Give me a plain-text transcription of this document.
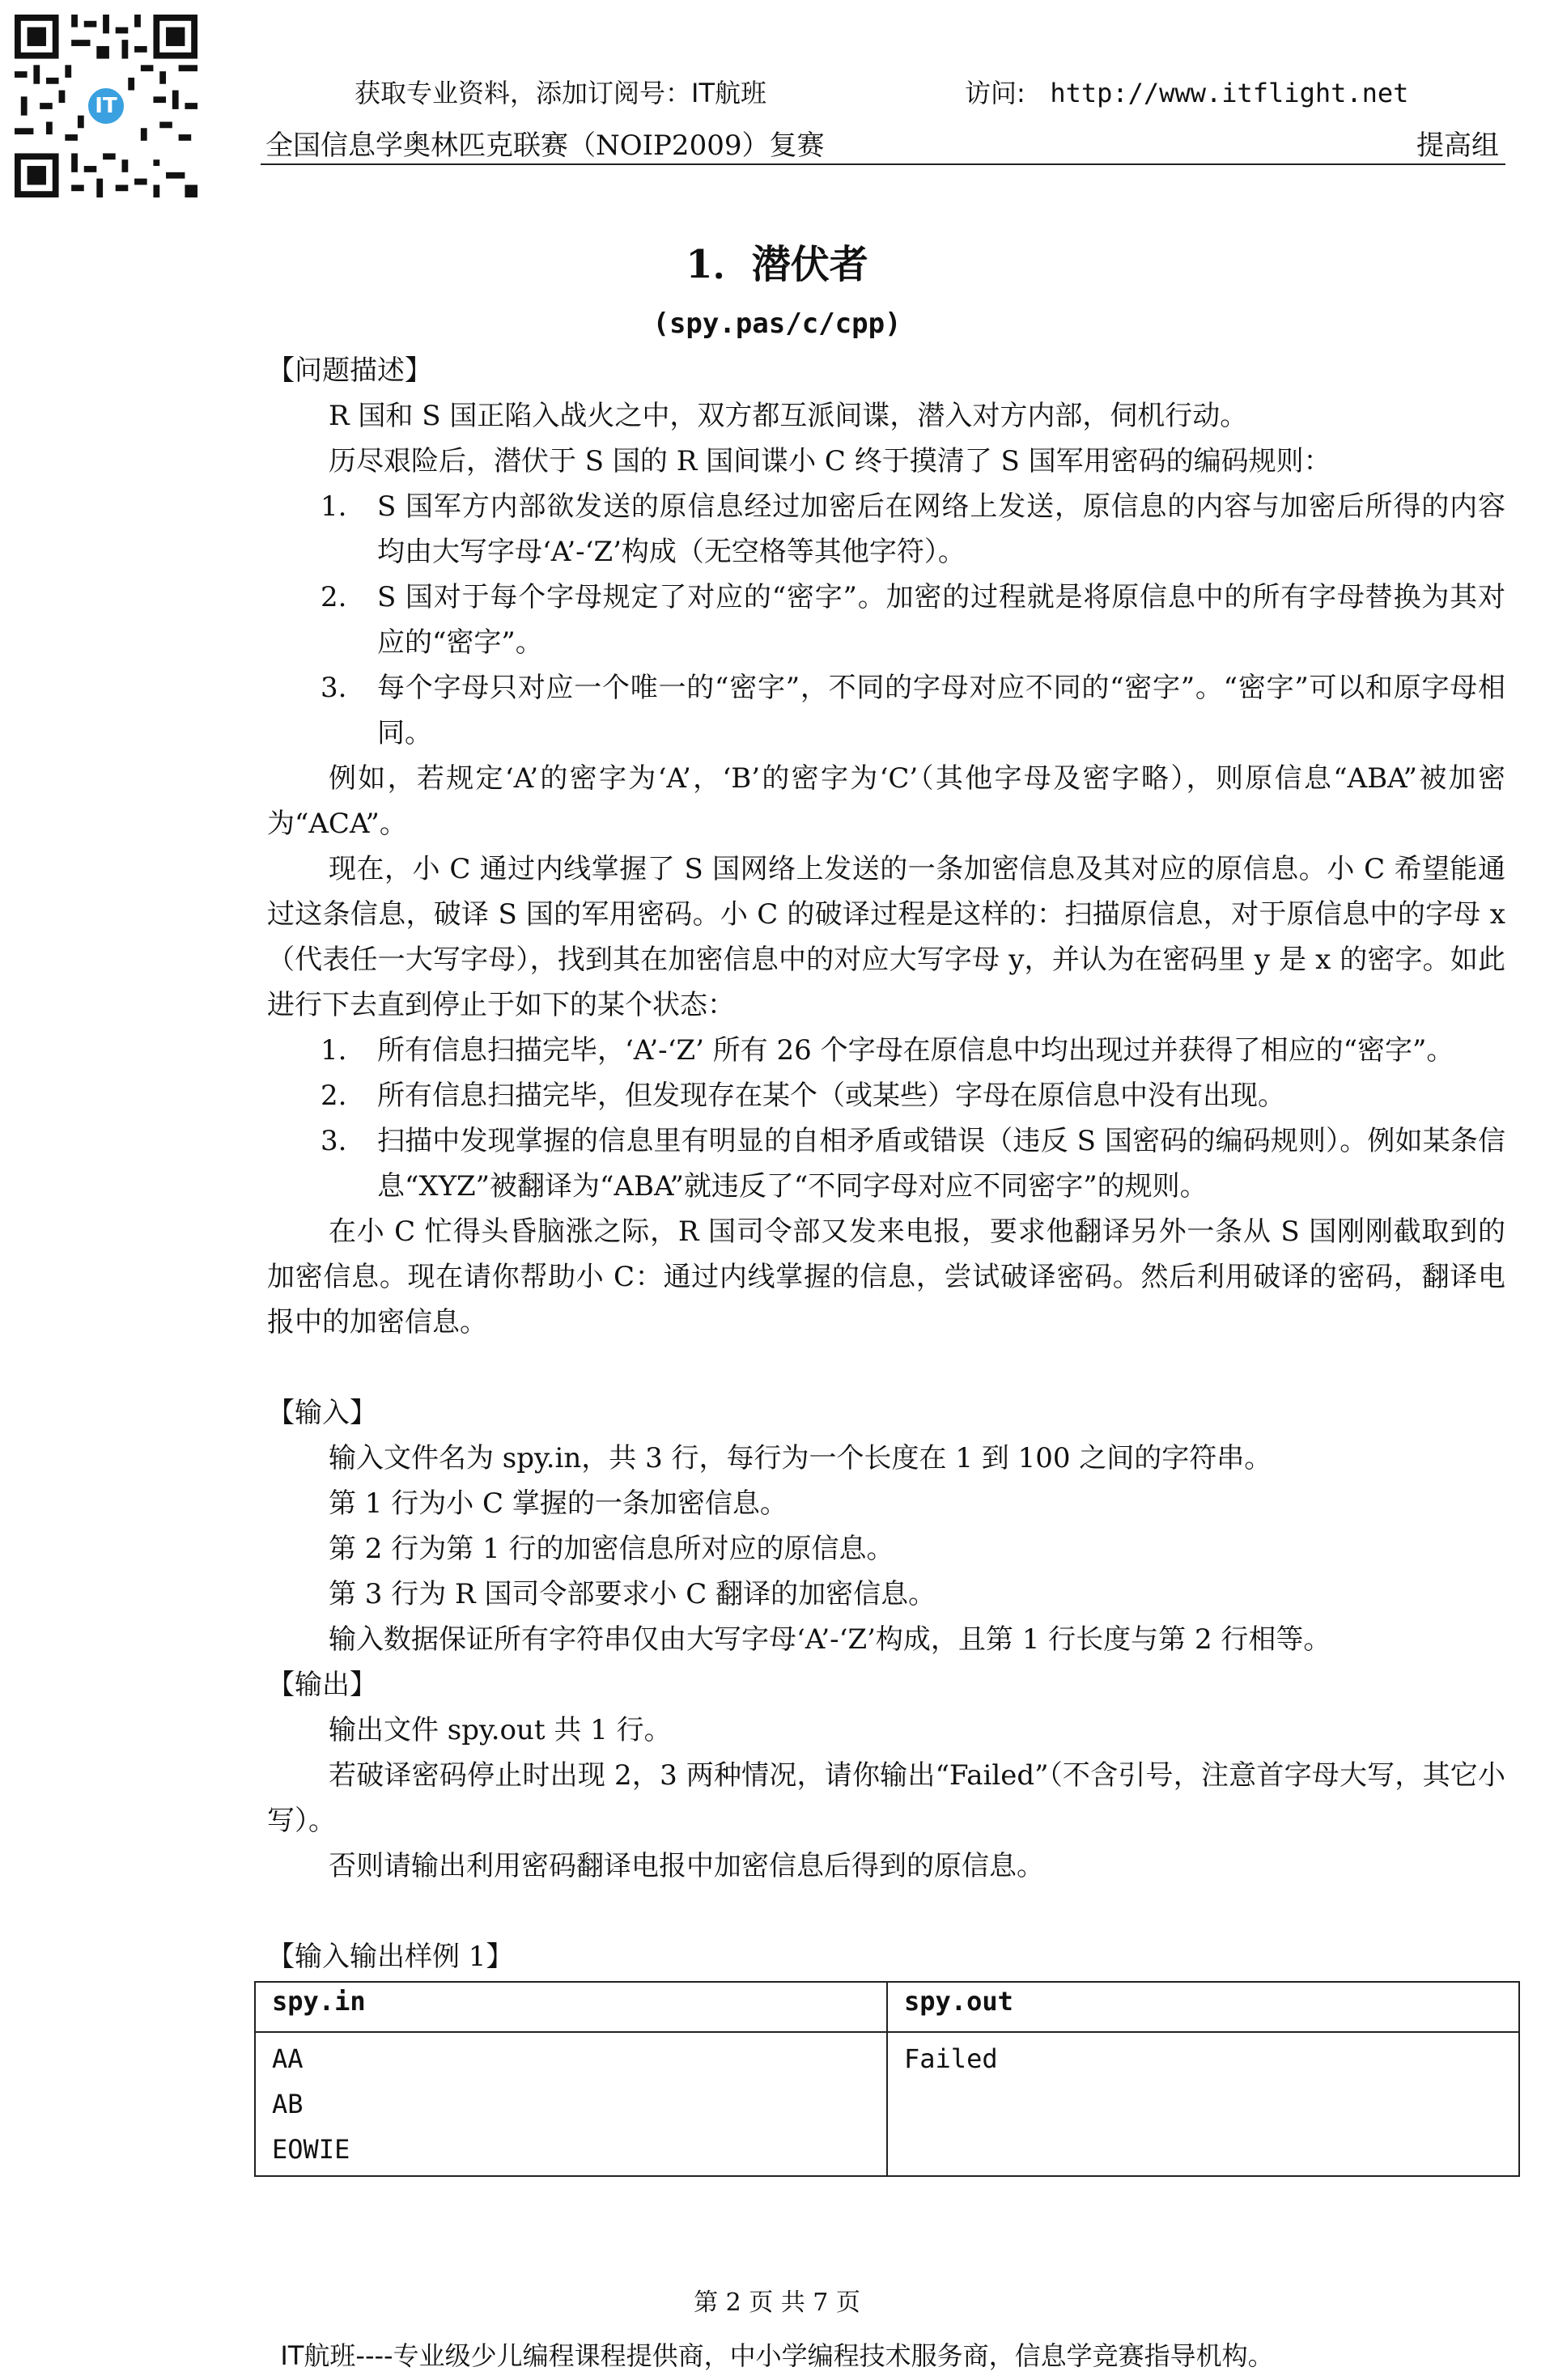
IT	获取专业资料，添加订阅号：IT航班	访问: http://www.itflight.net
全国信息学奥林匹克联赛（NOIP2009）复赛	提高组
1．潜伏者
(spy.pas/c/cpp)

【问题描述】

R 国和 S 国正陷入战火之中，双方都互派间谍，潜入对方内部，伺机行动。

历尽艰险后，潜伏于 S 国的 R 国间谍小 C 终于摸清了 S 国军用密码的编码规则：

1. S 国军方内部欲发送的原信息经过加密后在网络上发送，原信息的内容与加密后所得的内容均由大写字母‘A’-‘Z’构成（无空格等其他字符）。
2. S 国对于每个字母规定了对应的“密字”。加密的过程就是将原信息中的所有字母替换为其对应的“密字”。
3. 每个字母只对应一个唯一的“密字”，不同的字母对应不同的“密字”。“密字”可以和原字母相同。

例如，若规定‘A’的密字为‘A’，‘B’的密字为‘C’（其他字母及密字略），则原信息“ABA”被加密为“ACA”。

现在，小 C 通过内线掌握了 S 国网络上发送的一条加密信息及其对应的原信息。小 C 希望能通过这条信息，破译 S 国的军用密码。小 C 的破译过程是这样的：扫描原信息，对于原信息中的字母 x（代表任一大写字母），找到其在加密信息中的对应大写字母 y，并认为在密码里 y 是 x 的密字。如此进行下去直到停止于如下的某个状态：

1. 所有信息扫描完毕，‘A’-‘Z’ 所有 26 个字母在原信息中均出现过并获得了相应的“密字”。
2. 所有信息扫描完毕，但发现存在某个（或某些）字母在原信息中没有出现。
3. 扫描中发现掌握的信息里有明显的自相矛盾或错误（违反 S 国密码的编码规则）。例如某条信息“XYZ”被翻译为“ABA”就违反了“不同字母对应不同密字”的规则。

在小 C 忙得头昏脑涨之际，R 国司令部又发来电报，要求他翻译另外一条从 S 国刚刚截取到的加密信息。现在请你帮助小 C：通过内线掌握的信息，尝试破译密码。然后利用破译的密码，翻译电报中的加密信息。

【输入】

输入文件名为 spy.in，共 3 行，每行为一个长度在 1 到 100 之间的字符串。

第 1 行为小 C 掌握的一条加密信息。

第 2 行为第 1 行的加密信息所对应的原信息。

第 3 行为 R 国司令部要求小 C 翻译的加密信息。

输入数据保证所有字符串仅由大写字母‘A’-‘Z’构成，且第 1 行长度与第 2 行相等。

【输出】

输出文件 spy.out 共 1 行。

若破译密码停止时出现 2，3 两种情况，请你输出“Failed”（不含引号，注意首字母大写，其它小写）。

否则请输出利用密码翻译电报中加密信息后得到的原信息。

【输入输出样例 1】

spy.in	spy.out

AA
AB
EOWIE	Failed
第 2 页 共 7 页
IT航班----专业级少儿编程课程提供商，中小学编程技术服务商，信息学竞赛指导机构。
